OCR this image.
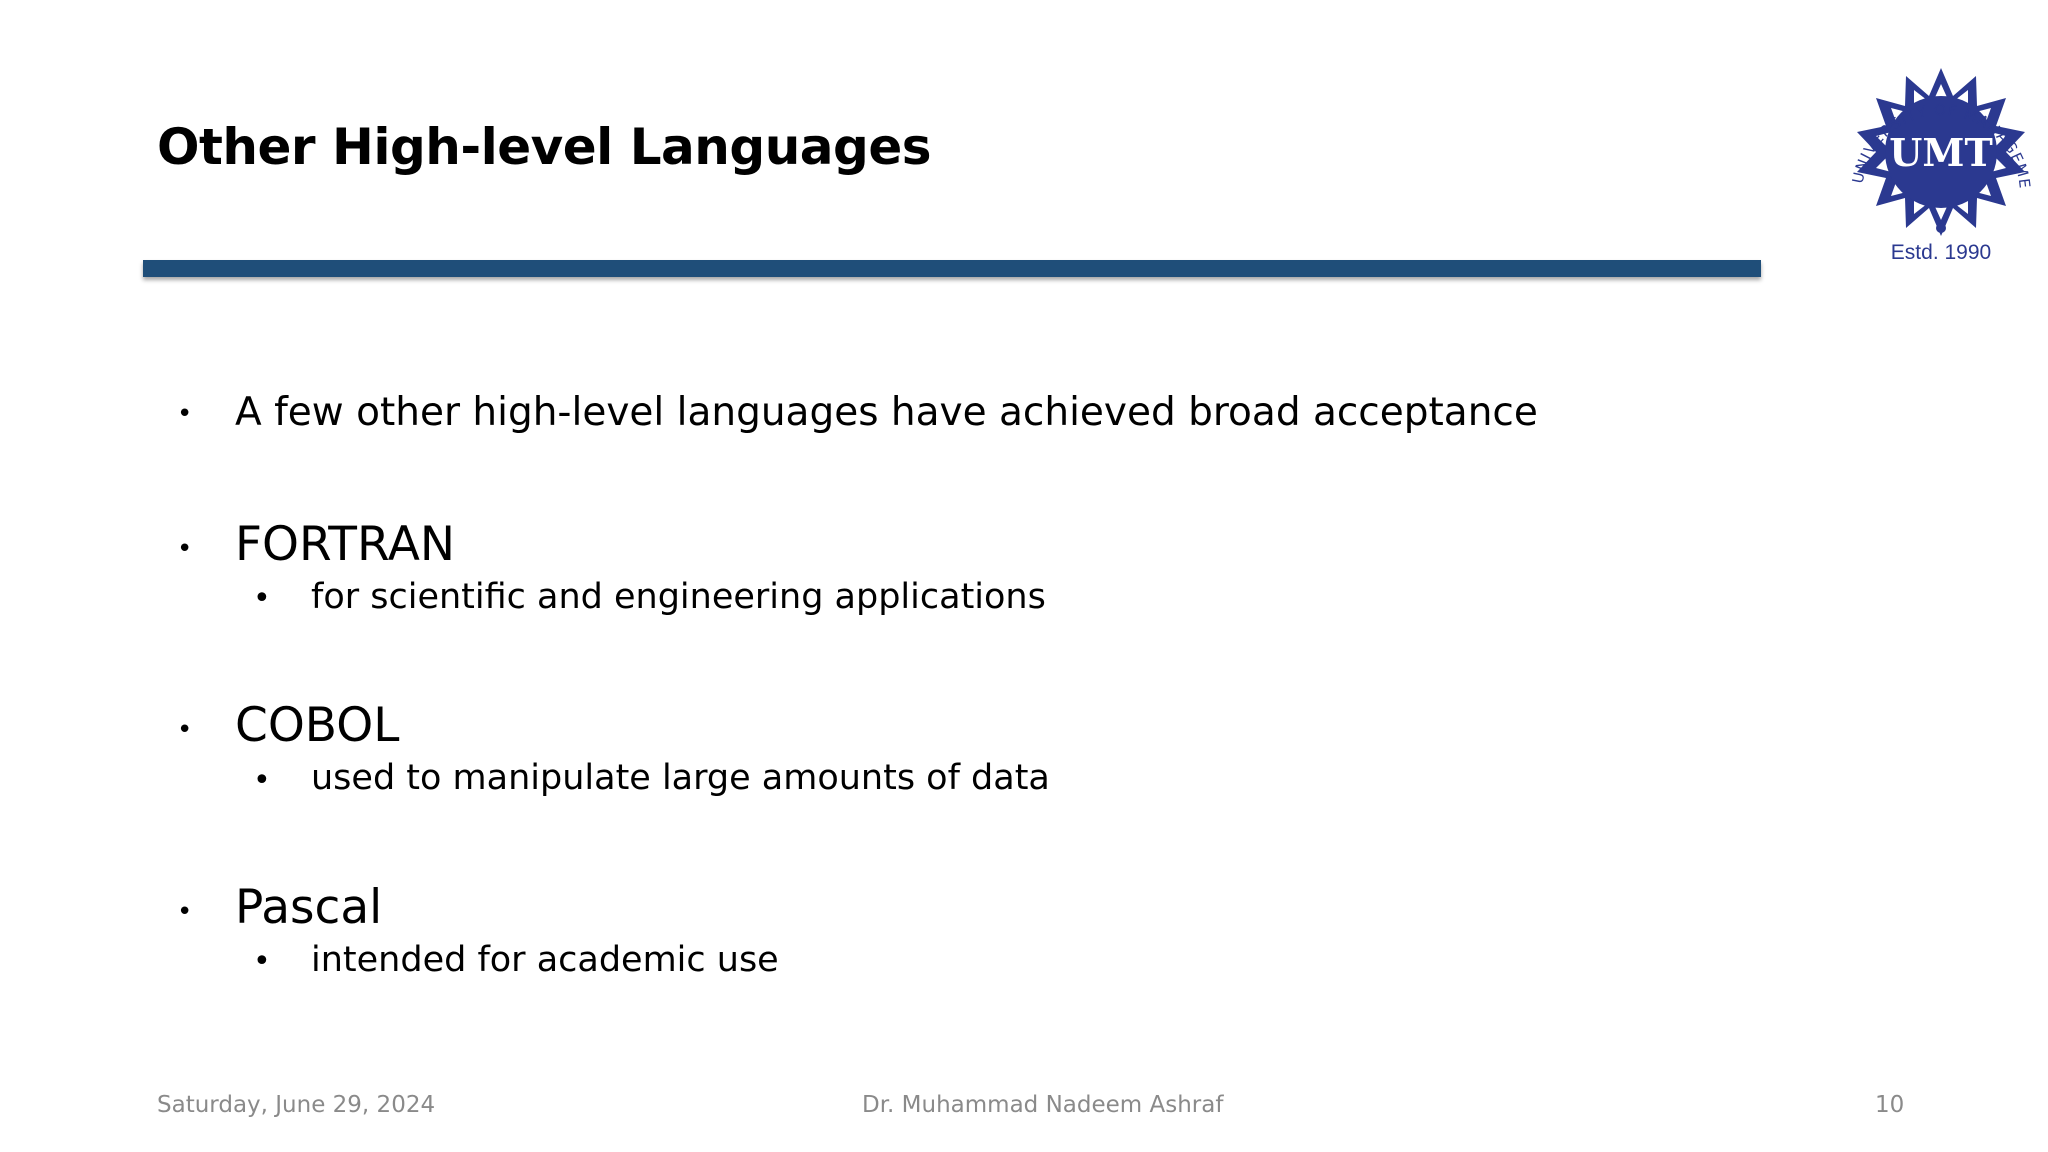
Other High-level Languages	UMT
UNIVERSITY OF MANAGEME
Estd. 1990
• A few other high-level languages have achieved broad acceptance
• FORTRAN
• for scientific and engineering applications
• COBOL
• used to manipulate large amounts of data
• Pascal
• intended for academic use
Saturday, June 29, 2024	Dr. Muhammad Nadeem Ashraf	10
